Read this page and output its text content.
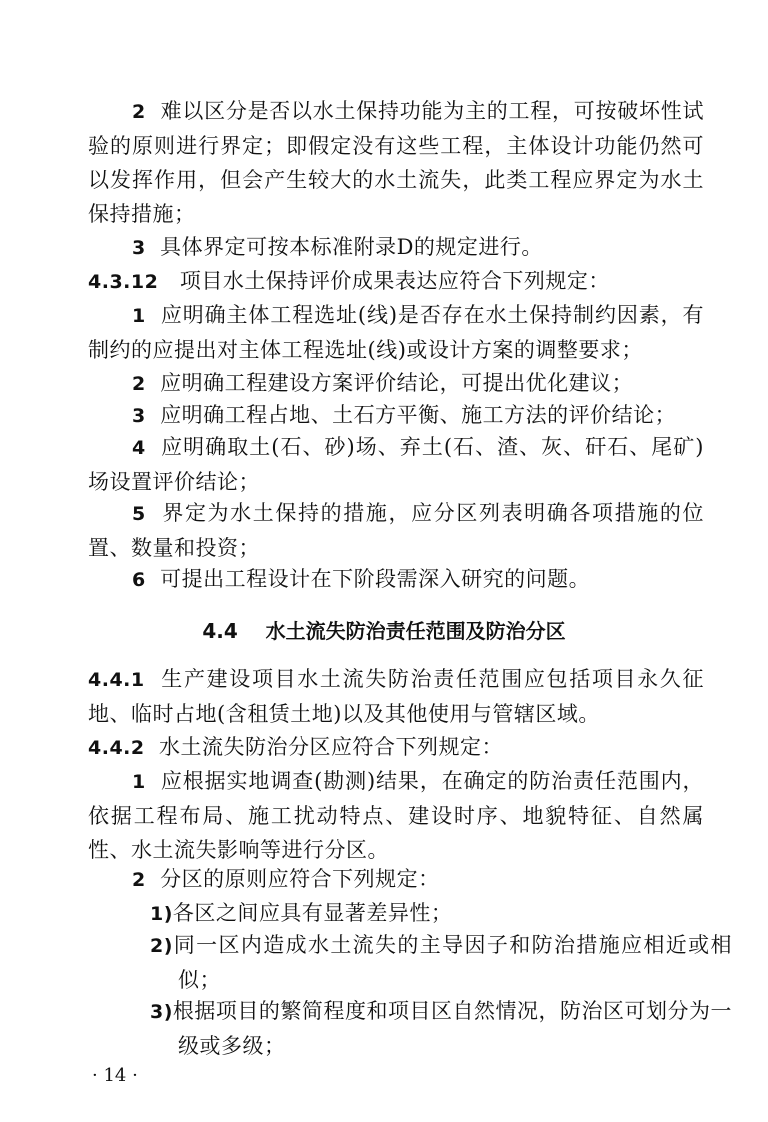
2 难以区分是否以水土保持功能为主的工程，可按破坏性试验的原则进行界定；即假定没有这些工程，主体设计功能仍然可以发挥作用，但会产生较大的水土流失，此类工程应界定为水土保持措施；
3 具体界定可按本标准附录D的规定进行。
4.3.12 项目水土保持评价成果表达应符合下列规定：
1 应明确主体工程选址(线)是否存在水土保持制约因素，有制约的应提出对主体工程选址(线)或设计方案的调整要求；
2 应明确工程建设方案评价结论，可提出优化建议；
3 应明确工程占地、土石方平衡、施工方法的评价结论；
4 应明确取土(石、砂)场、弃土(石、渣、灰、矸石、尾矿)场设置评价结论；
5 界定为水土保持的措施，应分区列表明确各项措施的位置、数量和投资；
6 可提出工程设计在下阶段需深入研究的问题。
4.4 水土流失防治责任范围及防治分区
4.4.1 生产建设项目水土流失防治责任范围应包括项目永久征地、临时占地(含租赁土地)以及其他使用与管辖区域。
4.4.2 水土流失防治分区应符合下列规定：
1 应根据实地调查(勘测)结果，在确定的防治责任范围内，依据工程布局、施工扰动特点、建设时序、地貌特征、自然属性、水土流失影响等进行分区。
2 分区的原则应符合下列规定：
1)各区之间应具有显著差异性；
2)同一区内造成水土流失的主导因子和防治措施应相近或相似；
3)根据项目的繁简程度和项目区自然情况，防治区可划分为一级或多级；
· 14 ·
